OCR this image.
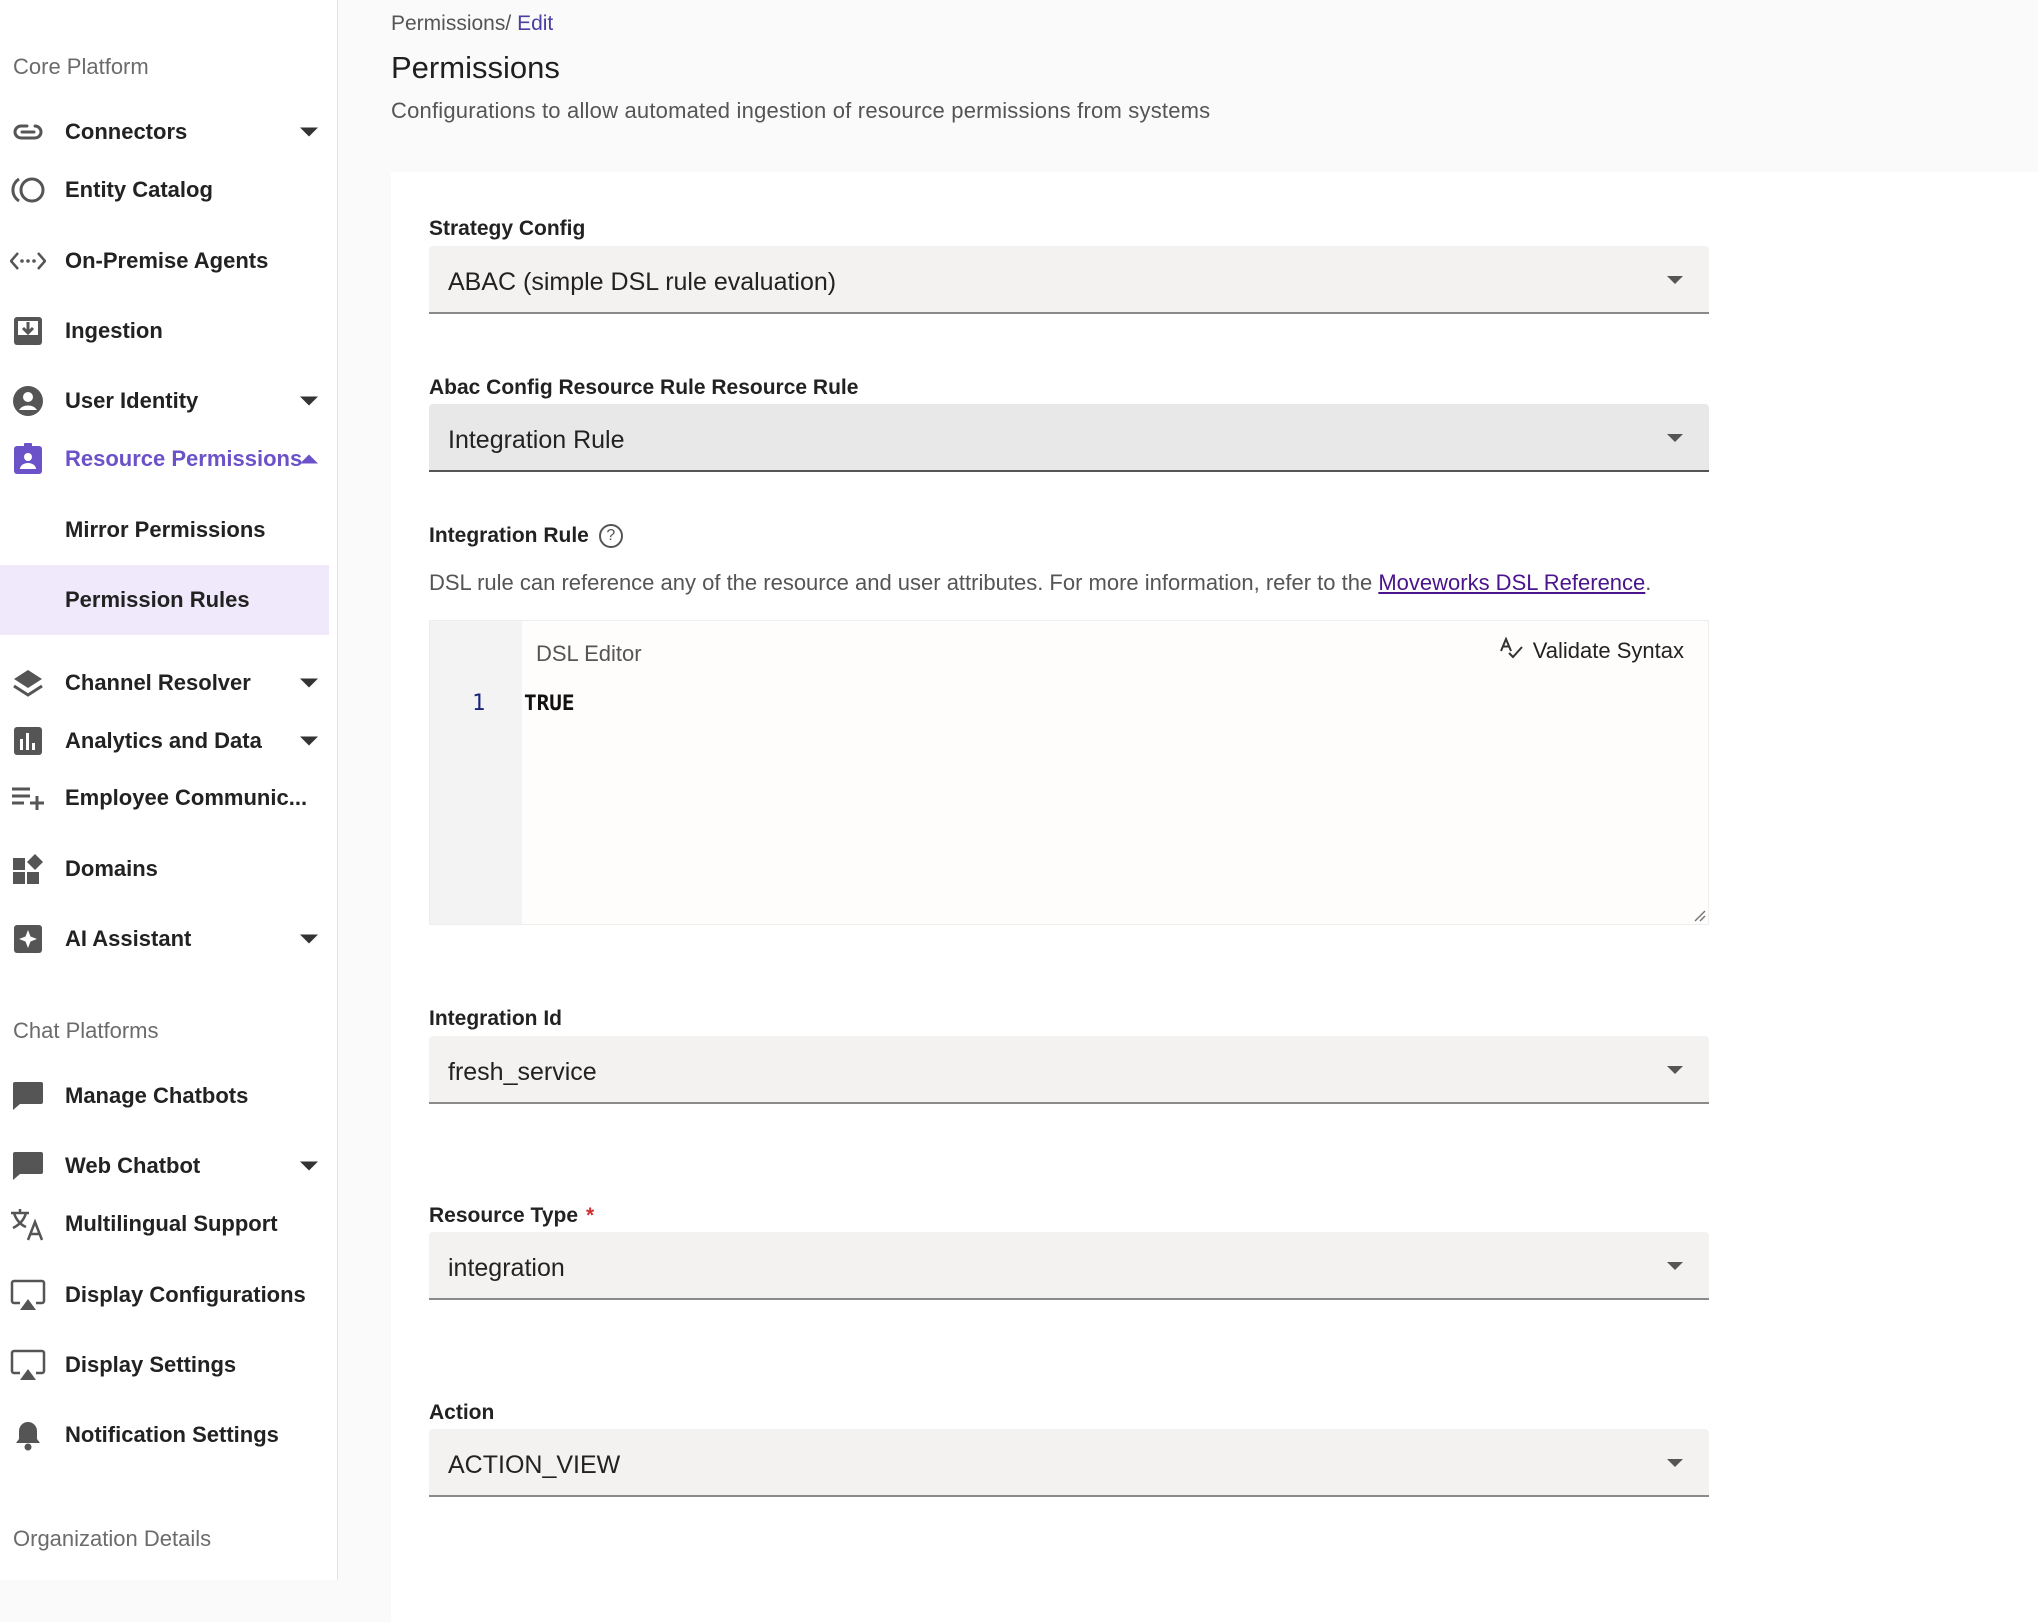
Core Platform
Connectors
Entity Catalog
On-Premise Agents
Ingestion
User Identity
Resource Permissions
Mirror Permissions
Permission Rules
Channel Resolver
Analytics and Data
Employee Communic...
Domains
AI Assistant
Chat Platforms
Manage Chatbots
Web Chatbot
Multilingual Support
Display Configurations
Display Settings
Notification Settings
Organization Details
Permissions/ Edit
Permissions
Configurations to allow automated ingestion of resource permissions from systems
Strategy Config
ABAC (simple DSL rule evaluation)
Abac Config Resource Rule Resource Rule
Integration Rule
Integration Rule ?
DSL rule can reference any of the resource and user attributes. For more information, refer to the Moveworks DSL Reference.
1
DSL Editor
TRUE
Validate Syntax
Integration Id
fresh_service
Resource Type *
integration
Action
ACTION_VIEW
